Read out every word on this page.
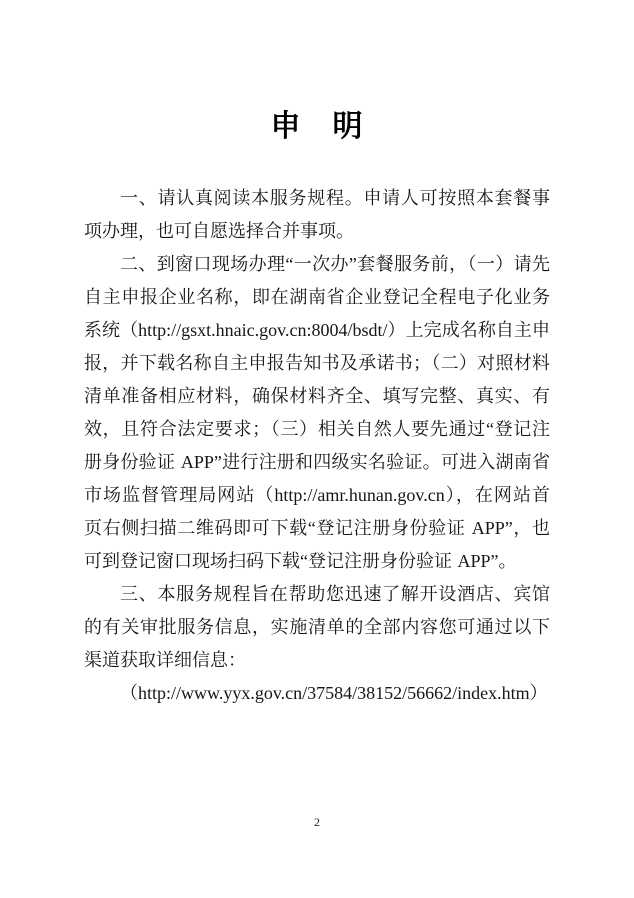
申　明

一、请认真阅读本服务规程。申请人可按照本套餐事项办理，也可自愿选择合并事项。

二、到窗口现场办理“一次办”套餐服务前，（一）请先自主申报企业名称，即在湖南省企业登记全程电子化业务系统（http://gsxt.hnaic.gov.cn:8004/bsdt/）上完成名称自主申报，并下载名称自主申报告知书及承诺书；（二）对照材料清单准备相应材料，确保材料齐全、填写完整、真实、有效，且符合法定要求；（三）相关自然人要先通过“登记注册身份验证 APP”进行注册和四级实名验证。可进入湖南省市场监督管理局网站（http://amr.hunan.gov.cn），在网站首页右侧扫描二维码即可下载“登记注册身份验证 APP”，也可到登记窗口现场扫码下载“登记注册身份验证 APP”。

三、本服务规程旨在帮助您迅速了解开设酒店、宾馆的有关审批服务信息，实施清单的全部内容您可通过以下渠道获取详细信息：

（http://www.yyx.gov.cn/37584/38152/56662/index.htm）

2
